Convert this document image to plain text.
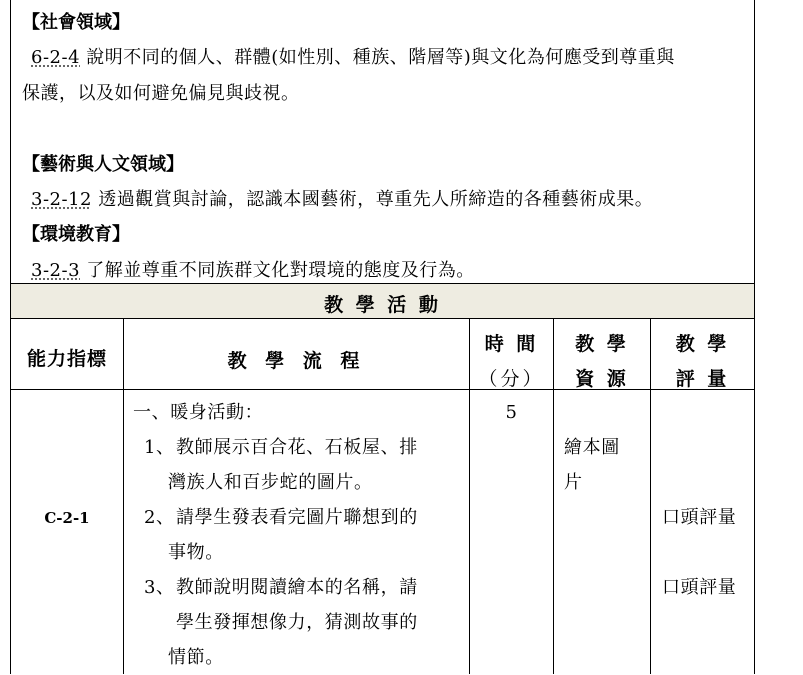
【社會領域】
6-2-4 說明不同的個人、群體(如性別、種族、階層等)與文化為何應受到尊重與
保護，以及如何避免偏見與歧視。
【藝術與人文領域】
3-2-12 透過觀賞與討論，認識本國藝術，尊重先人所締造的各種藝術成果。
【環境教育】
3-2-3 了解並尊重不同族群文化對環境的態度及行為。
教 學 活 動
能力指標	教 學 流 程
時 間
（分）
教 學
資 源
教 學
評 量
C-2-1
一、暖身活動：
1、 教師展示百合花、石板屋、排
灣族人和百步蛇的圖片。
2、 請學生發表看完圖片聯想到的
事物。
3、 教師說明閱讀繪本的名稱，請
學生發揮想像力，猜測故事的
情節。
5
繪本圖
片
口頭評量
口頭評量
